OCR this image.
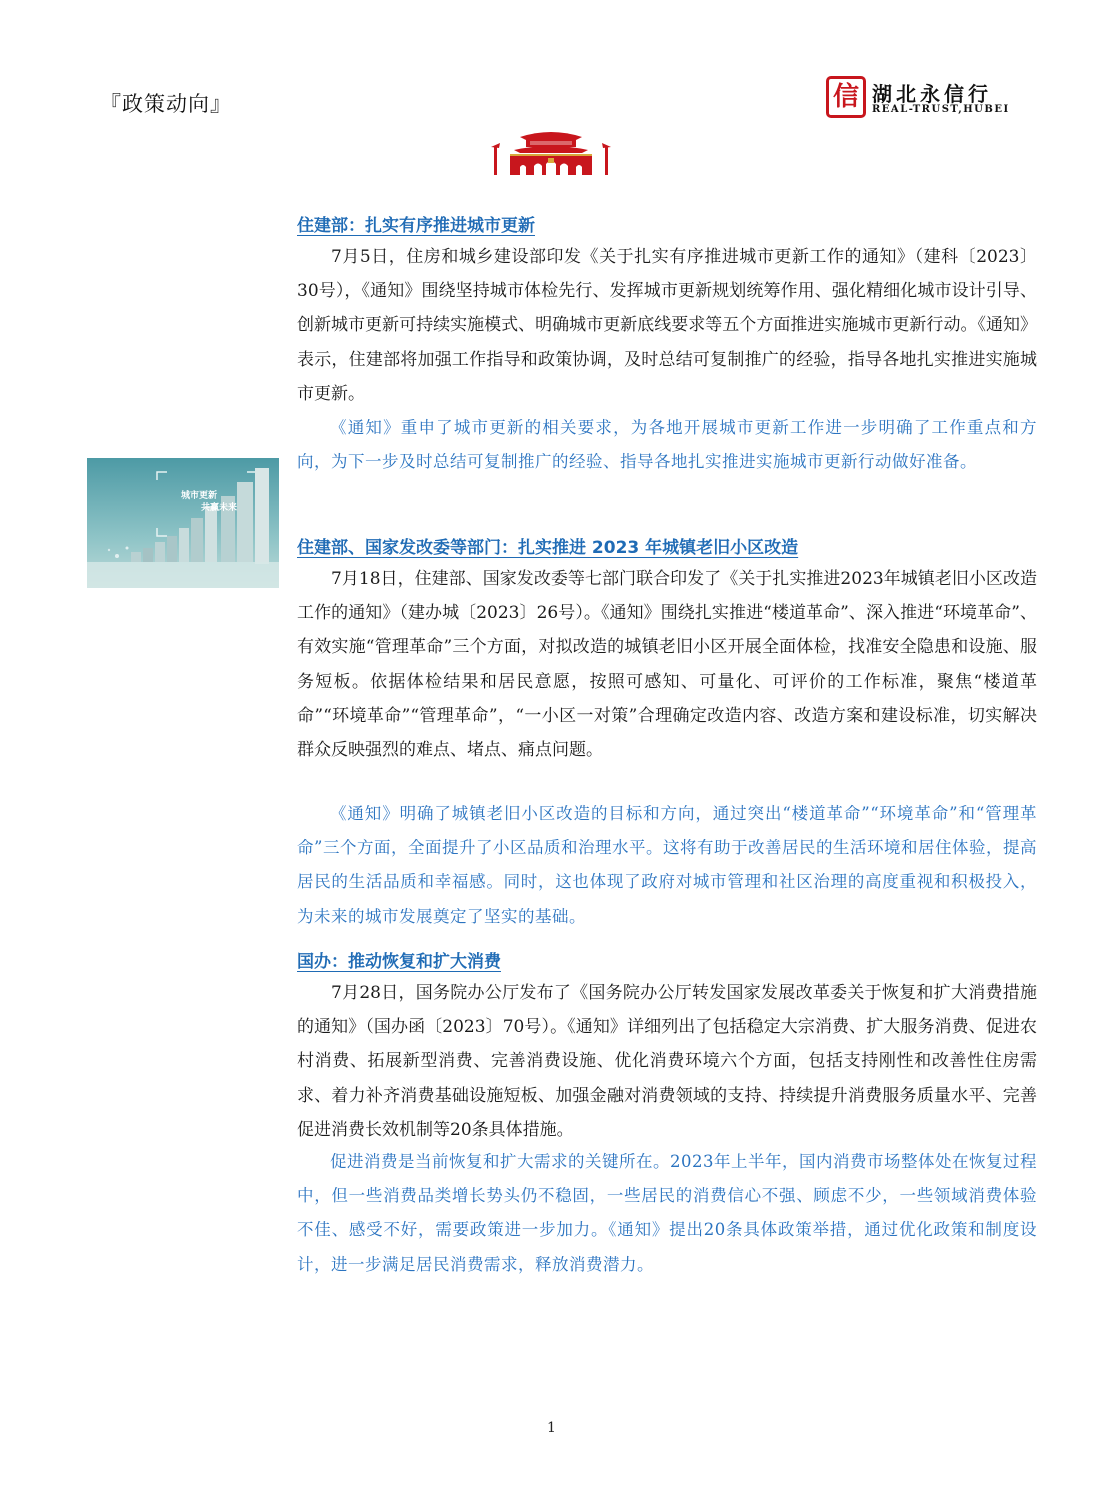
『政策动向』	信 湖北永信行
REAL-TRUST,HUBEI
城市更新
共赢未来
住建部：扎实有序推进城市更新
7月5日，住房和城乡建设部印发《关于扎实有序推进城市更新工作的通知》（建科〔2023〕30号），《通知》围绕坚持城市体检先行、发挥城市更新规划统筹作用、强化精细化城市设计引导、创新城市更新可持续实施模式、明确城市更新底线要求等五个方面推进实施城市更新行动。《通知》表示，住建部将加强工作指导和政策协调，及时总结可复制推广的经验，指导各地扎实推进实施城市更新。
《通知》重申了城市更新的相关要求，为各地开展城市更新工作进一步明确了工作重点和方向，为下一步及时总结可复制推广的经验、指导各地扎实推进实施城市更新行动做好准备。
住建部、国家发改委等部门：扎实推进 2023 年城镇老旧小区改造
7月18日，住建部、国家发改委等七部门联合印发了《关于扎实推进2023年城镇老旧小区改造工作的通知》（建办城〔2023〕26号）。《通知》围绕扎实推进“楼道革命”、深入推进“环境革命”、有效实施“管理革命”三个方面，对拟改造的城镇老旧小区开展全面体检，找准安全隐患和设施、服务短板。依据体检结果和居民意愿，按照可感知、可量化、可评价的工作标准，聚焦“楼道革命”“环境革命”“管理革命”，“一小区一对策”合理确定改造内容、改造方案和建设标准，切实解决群众反映强烈的难点、堵点、痛点问题。
《通知》明确了城镇老旧小区改造的目标和方向，通过突出“楼道革命”“环境革命”和“管理革命”三个方面，全面提升了小区品质和治理水平。这将有助于改善居民的生活环境和居住体验，提高居民的生活品质和幸福感。同时，这也体现了政府对城市管理和社区治理的高度重视和积极投入，为未来的城市发展奠定了坚实的基础。
国办：推动恢复和扩大消费
7月28日，国务院办公厅发布了《国务院办公厅转发国家发展改革委关于恢复和扩大消费措施的通知》（国办函〔2023〕70号）。《通知》详细列出了包括稳定大宗消费、扩大服务消费、促进农村消费、拓展新型消费、完善消费设施、优化消费环境六个方面，包括支持刚性和改善性住房需求、着力补齐消费基础设施短板、加强金融对消费领域的支持、持续提升消费服务质量水平、完善促进消费长效机制等20条具体措施。
促进消费是当前恢复和扩大需求的关键所在。2023年上半年，国内消费市场整体处在恢复过程中，但一些消费品类增长势头仍不稳固，一些居民的消费信心不强、顾虑不少，一些领域消费体验不佳、感受不好，需要政策进一步加力。《通知》提出20条具体政策举措，通过优化政策和制度设计，进一步满足居民消费需求，释放消费潜力。
1
